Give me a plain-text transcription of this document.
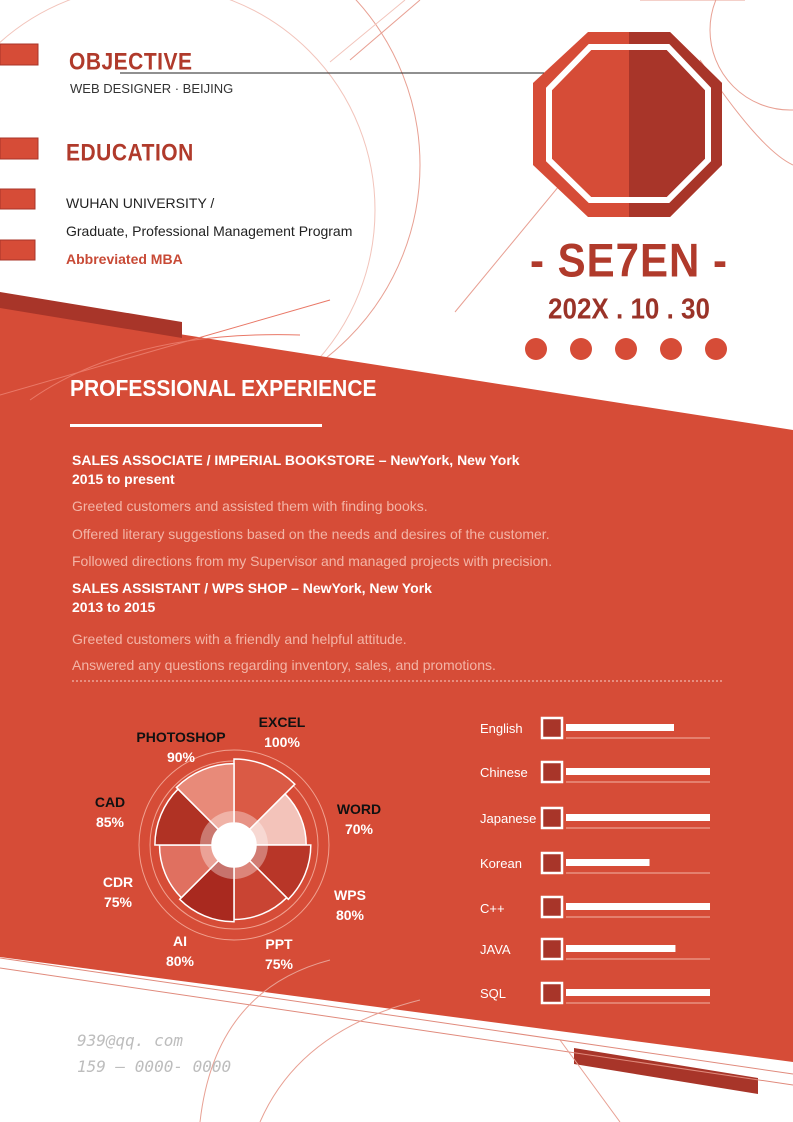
OBJECTIVE
WEB DESIGNER · BEIJING
EDUCATION
WUHAN UNIVERSITY /
Graduate, Professional Management Program
Abbreviated MBA	- SE7EN -
202X . 10 . 30
PROFESSIONAL EXPERIENCE
SALES ASSOCIATE / IMPERIAL BOOKSTORE – NewYork, New York
2015 to present
Greeted customers and assisted them with finding books.
Offered literary suggestions based on the needs and desires of the customer.
Followed directions from my Supervisor and managed projects with precision.
SALES ASSISTANT / WPS SHOP – NewYork, New York
2013 to 2015
Greeted customers with a friendly and helpful attitude.
Answered any questions regarding inventory, sales, and promotions.
EXCEL
100%
WORD
70%
WPS
80%
PPT
75%
AI
80%
CDR
75%
CAD
85%
PHOTOSHOP
90%
English
Chinese
Japanese
Korean
C++
JAVA
SQL
939@qq. com
159 — 0000- 0000
